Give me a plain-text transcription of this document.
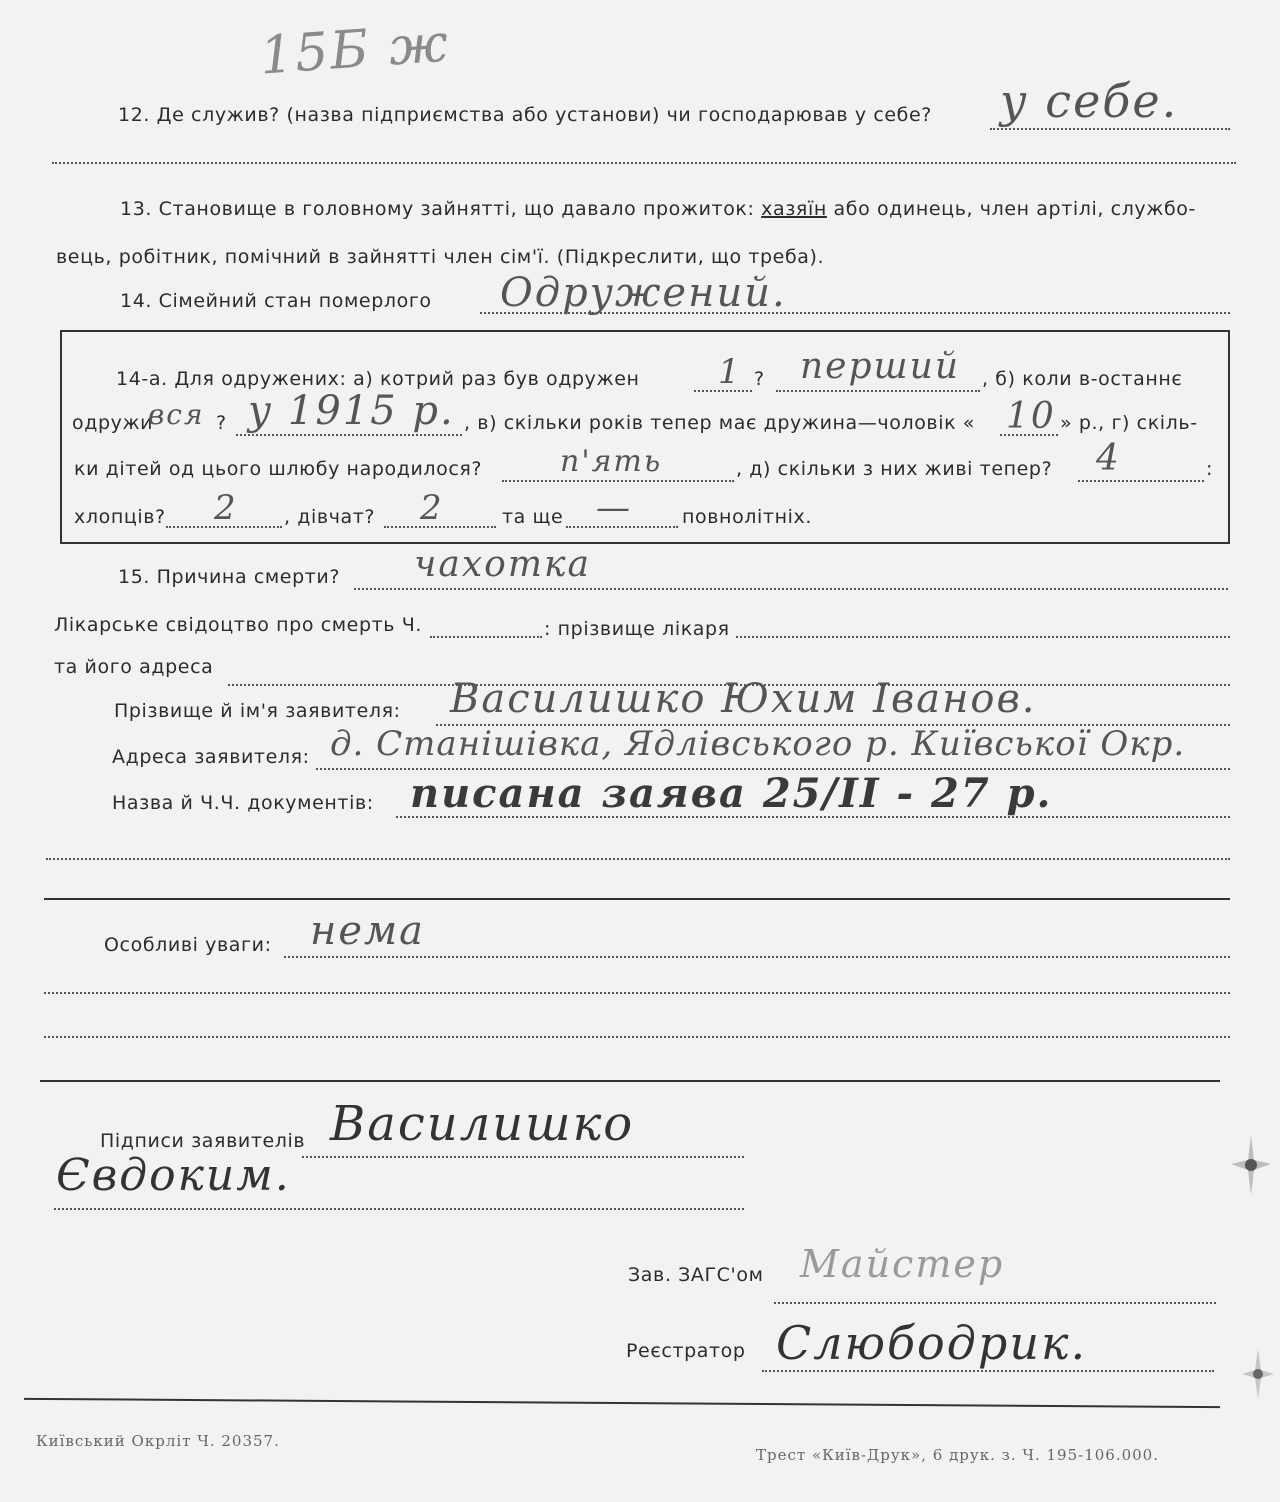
15Б ж
12. Де служив? (назва підприємства або установи) чи господарював у себе? у себе.
13. Становище в головному зайнятті, що давало прожиток: хазяїн або одинець, член артілі, службо-
вець, робітник, помічний в зайнятті член сім'ї. (Підкреслити, що треба).
14. Сімейний стан померлого Одружений.
14-а. Для одружених: а) котрий раз був одружен 1 ? перший , б) коли в-останнє
одружи
вся ? у 1915 р. , в) скільки років тепер має дружина—чоловік « 10 » р., г) скіль-
ки дітей од цього шлюбу народилося?	п'ять	, д) скільки з них живі тепер? 4	:
хлопців? 2 , дівчат? 2	та ще —	повнолітніх.
15. Причина смерти? чахотка
Лікарське свідоцтво про смерть Ч.	: прізвище лікаря
та його адреса
Прізвище й ім'я заявителя: Василишко Юхим Іванов.
Адреса заявителя: д. Станішівка, Ядлівського р. Київської Окр.
Назва й Ч.Ч. документів: писана заява 25/ІІ - 27 р.
Особливі уваги: нема
Підписи заявителів Василишко
Євдоким.
Зав. ЗАГС'ом Майстер
Реєстратор Слюбодрик.
Київський Окрліт Ч. 20357.
Трест «Київ-Друк», 6 друк. з. Ч. 195-106.000.
